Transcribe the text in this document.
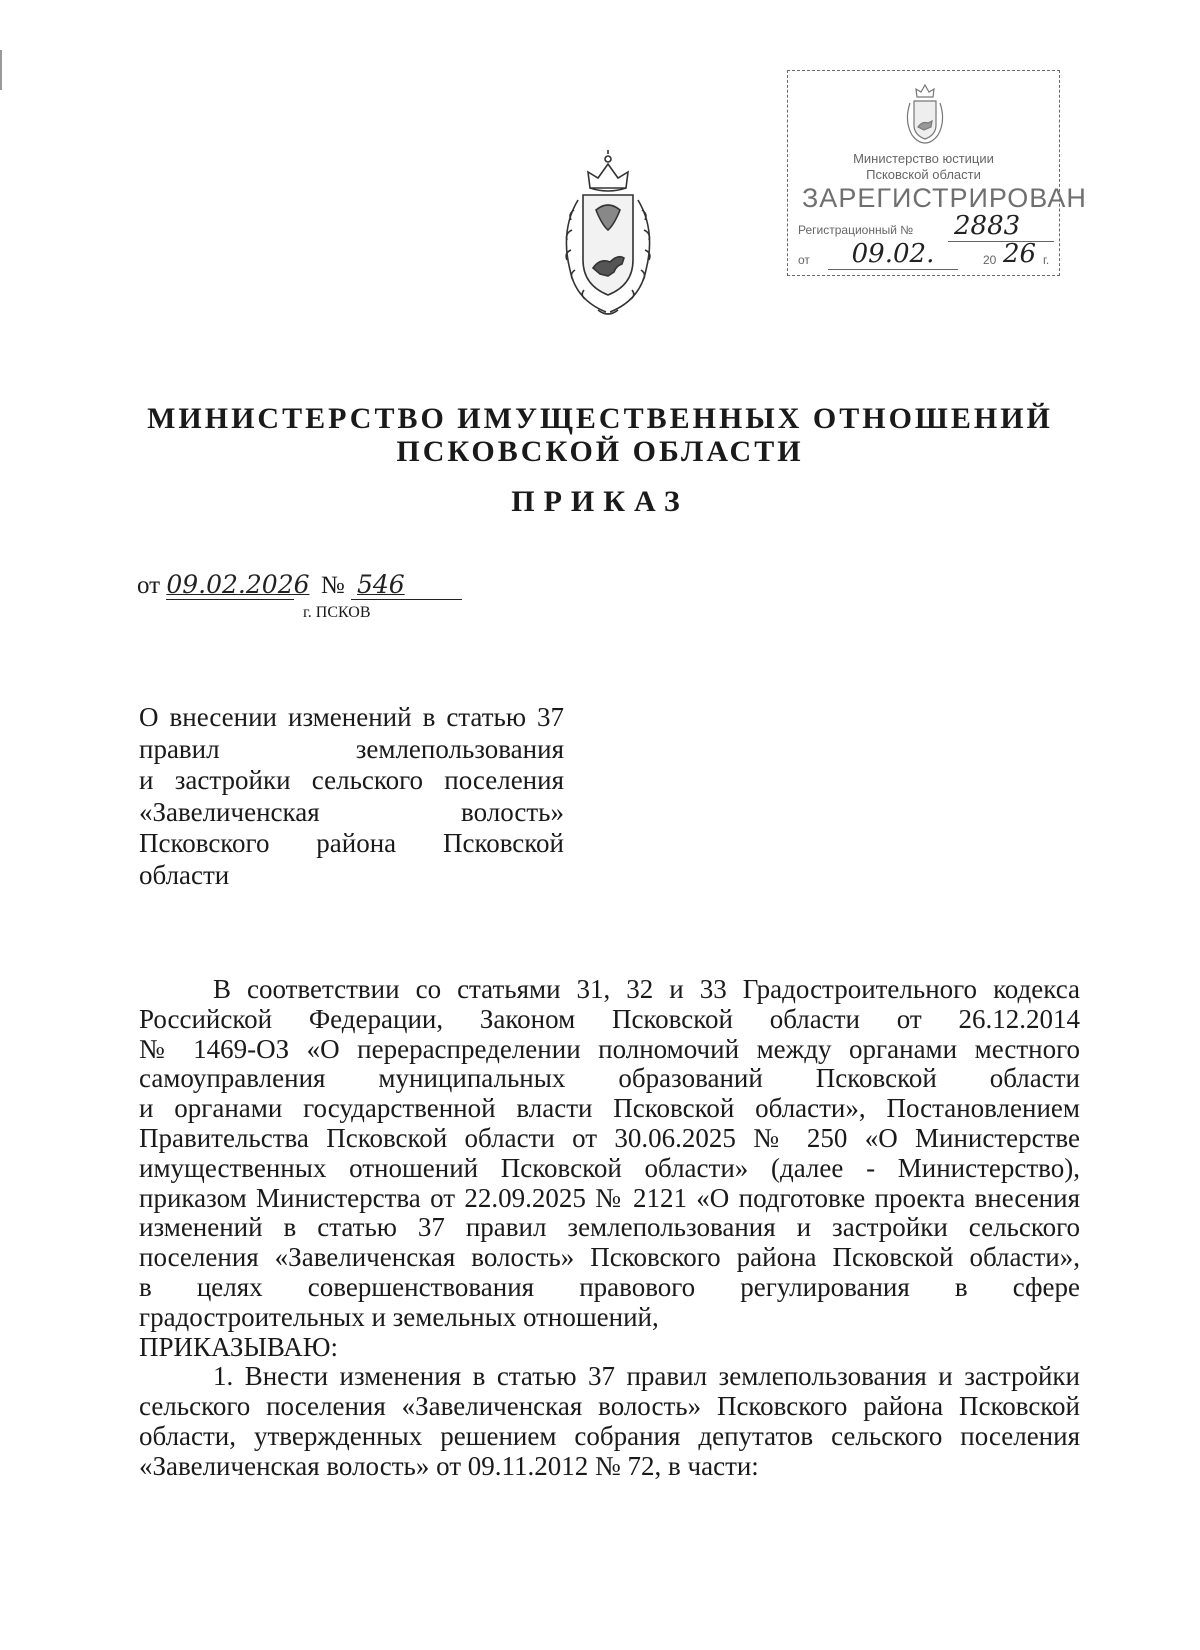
Министерство юстиции
Псковской области
ЗАРЕГИСТРИРОВАН
Регистрационный № 2883
от	09.02.	20 26 г.
МИНИСТЕРСТВО ИМУЩЕСТВЕННЫХ ОТНОШЕНИЙ
ПСКОВСКОЙ ОБЛАСТИ
ПРИКАЗ
от 09.02.2026 № 546
г. ПСКОВ
О внесении изменений в статью 37
правил землепользования
и застройки сельского поселения
«Завеличенская волость»
Псковского района Псковской
области
В соответствии со статьями 31, 32 и 33 Градостроительного кодекса
Российской Федерации, Законом Псковской области от 26.12.2014
№ 1469-ОЗ «О перераспределении полномочий между органами местного
самоуправления муниципальных образований Псковской области
и органами государственной власти Псковской области», Постановлением
Правительства Псковской области от 30.06.2025 № 250 «О Министерстве
имущественных отношений Псковской области» (далее - Министерство),
приказом Министерства от 22.09.2025 № 2121 «О подготовке проекта внесения
изменений в статью 37 правил землепользования и застройки сельского
поселения «Завеличенская волость» Псковского района Псковской области»,
в целях совершенствования правового регулирования в сфере
градостроительных и земельных отношений,
ПРИКАЗЫВАЮ:
1. Внести изменения в статью 37 правил землепользования и застройки
сельского поселения «Завеличенская волость» Псковского района Псковской
области, утвержденных решением собрания депутатов сельского поселения
«Завеличенская волость» от 09.11.2012 № 72, в части:
